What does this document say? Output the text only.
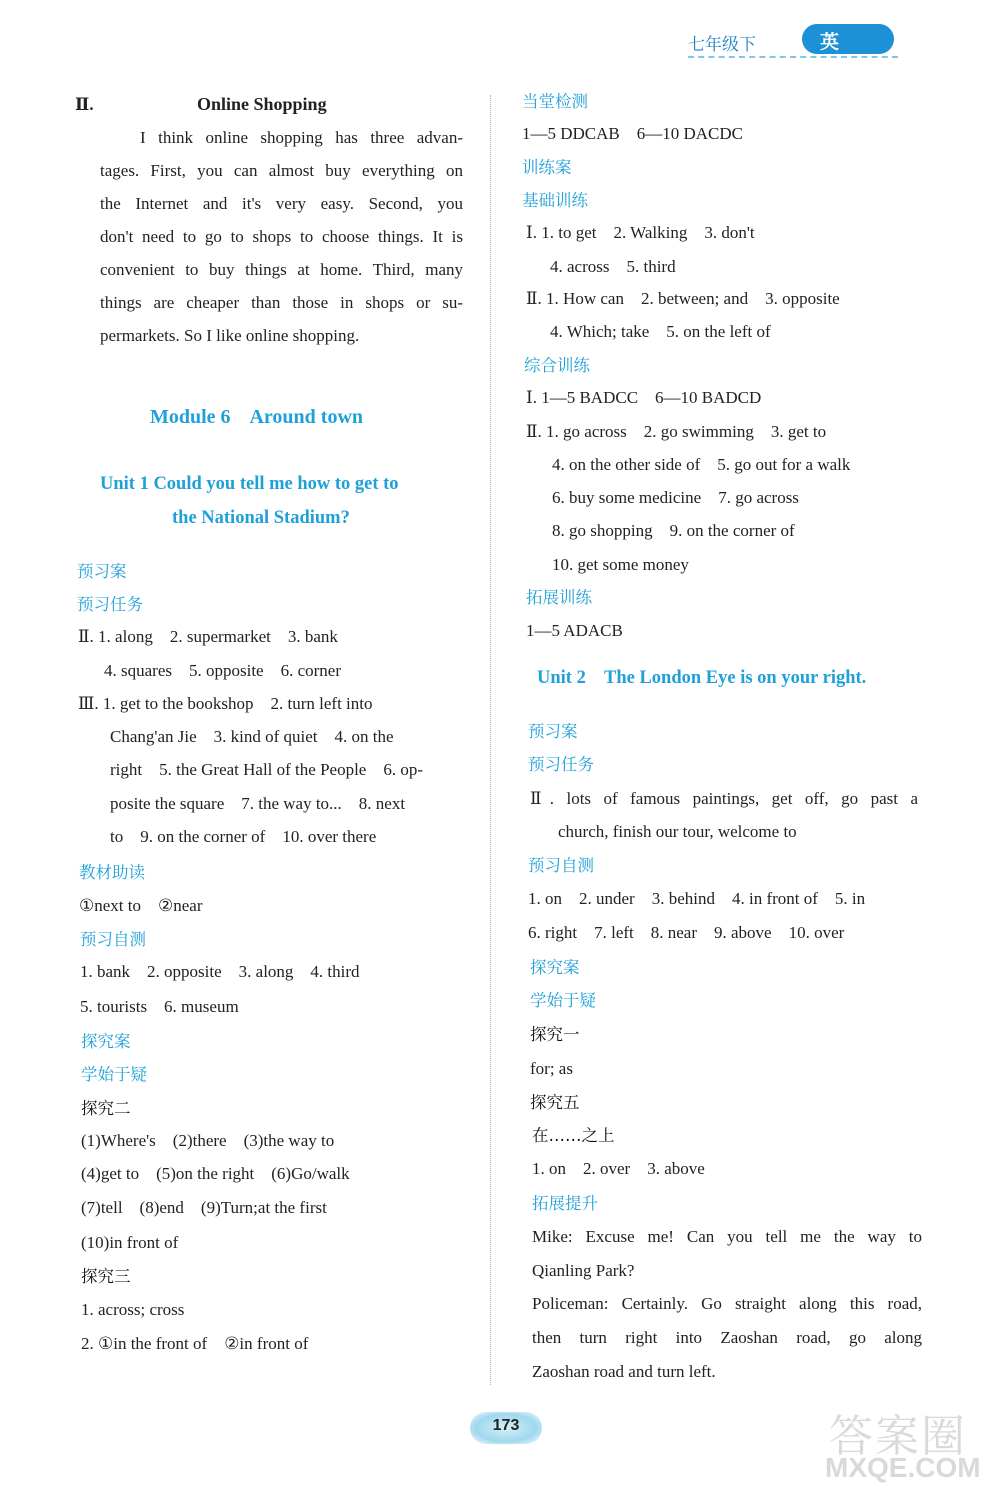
七年级下	英 语
Ⅱ.	Online Shopping
I think online shopping has three advan-
tages. First, you can almost buy everything on
the Internet and it's very easy. Second, you
don't need to go to shops to choose things. It is
convenient to buy things at home. Third, many
things are cheaper than those in shops or su-
permarkets. So I like online shopping.
Module 6    Around town
Unit 1 Could you tell me how to get to
the National Stadium?
预习案
预习任务
Ⅱ. 1. along    2. supermarket    3. bank
4. squares    5. opposite    6. corner
Ⅲ. 1. get to the bookshop    2. turn left into
Chang'an Jie    3. kind of quiet    4. on the
right    5. the Great Hall of the People    6. op-
posite the square    7. the way to...    8. next
to    9. on the corner of    10. over there
教材助读
①next to    ②near
预习自测
1. bank    2. opposite    3. along    4. third
5. tourists    6. museum
探究案
学始于疑
探究二
(1)Where's    (2)there    (3)the way to
(4)get to    (5)on the right    (6)Go/walk
(7)tell    (8)end    (9)Turn;at the first
(10)in front of
探究三
1. across; cross
2. ①in the front of    ②in front of
当堂检测
1—5 DDCAB    6—10 DACDC
训练案
基础训练
Ⅰ. 1. to get    2. Walking    3. don't
4. across    5. third
Ⅱ. 1. How can    2. between; and    3. opposite
4. Which; take    5. on the left of
综合训练
Ⅰ. 1—5 BADCC    6—10 BADCD
Ⅱ. 1. go across    2. go swimming    3. get to
4. on the other side of    5. go out for a walk
6. buy some medicine    7. go across
8. go shopping    9. on the corner of
10. get some money
拓展训练
1—5 ADACB
Unit 2    The London Eye is on your right.
预习案
预习任务
Ⅱ. lots of famous paintings, get off, go past a
church, finish our tour, welcome to
预习自测
1. on    2. under    3. behind    4. in front of    5. in
6. right    7. left    8. near    9. above    10. over
探究案
学始于疑
探究一
for; as
探究五
在……之上
1. on    2. over    3. above
拓展提升
Mike: Excuse me! Can you tell me the way to
Qianling Park?
Policeman: Certainly. Go straight along this road,
then turn right into Zaoshan road, go along
Zaoshan road and turn left.
173	答案圈
MXQE.COM
